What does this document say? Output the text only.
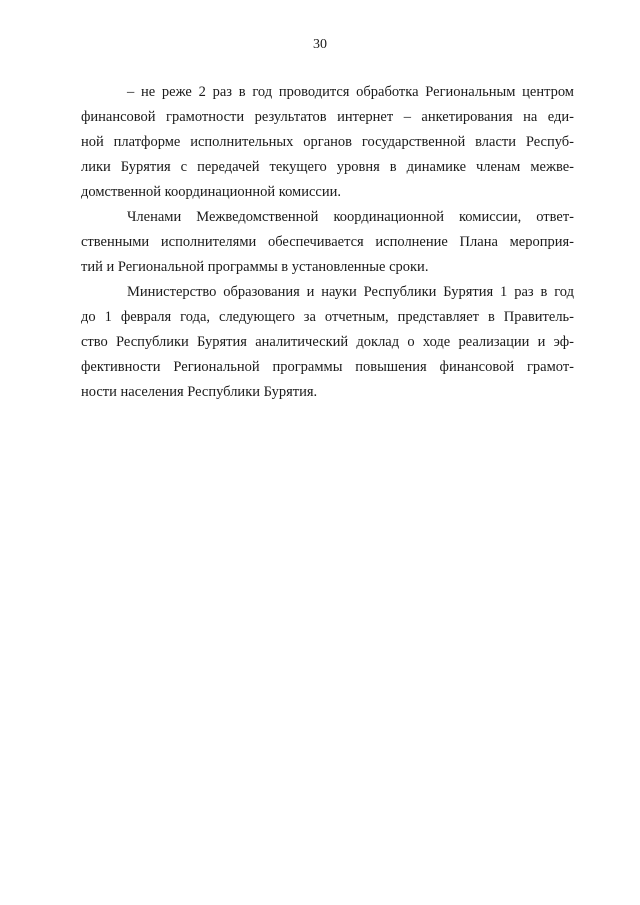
30
– не реже 2 раз в год проводится обработка Региональным центром
финансовой грамотности результатов интернет – анкетирования на еди-
ной платформе исполнительных органов государственной власти Респуб-
лики Бурятия с передачей текущего уровня в динамике членам межве-
домственной координационной комиссии.
Членами Межведомственной координационной комиссии, ответ-
ственными исполнителями обеспечивается исполнение Плана мероприя-
тий и Региональной программы в установленные сроки.
Министерство образования и науки Республики Бурятия 1 раз в год
до 1 февраля года, следующего за отчетным, представляет в Правитель-
ство Республики Бурятия аналитический доклад о ходе реализации и эф-
фективности Региональной программы повышения финансовой грамот-
ности населения Республики Бурятия.
